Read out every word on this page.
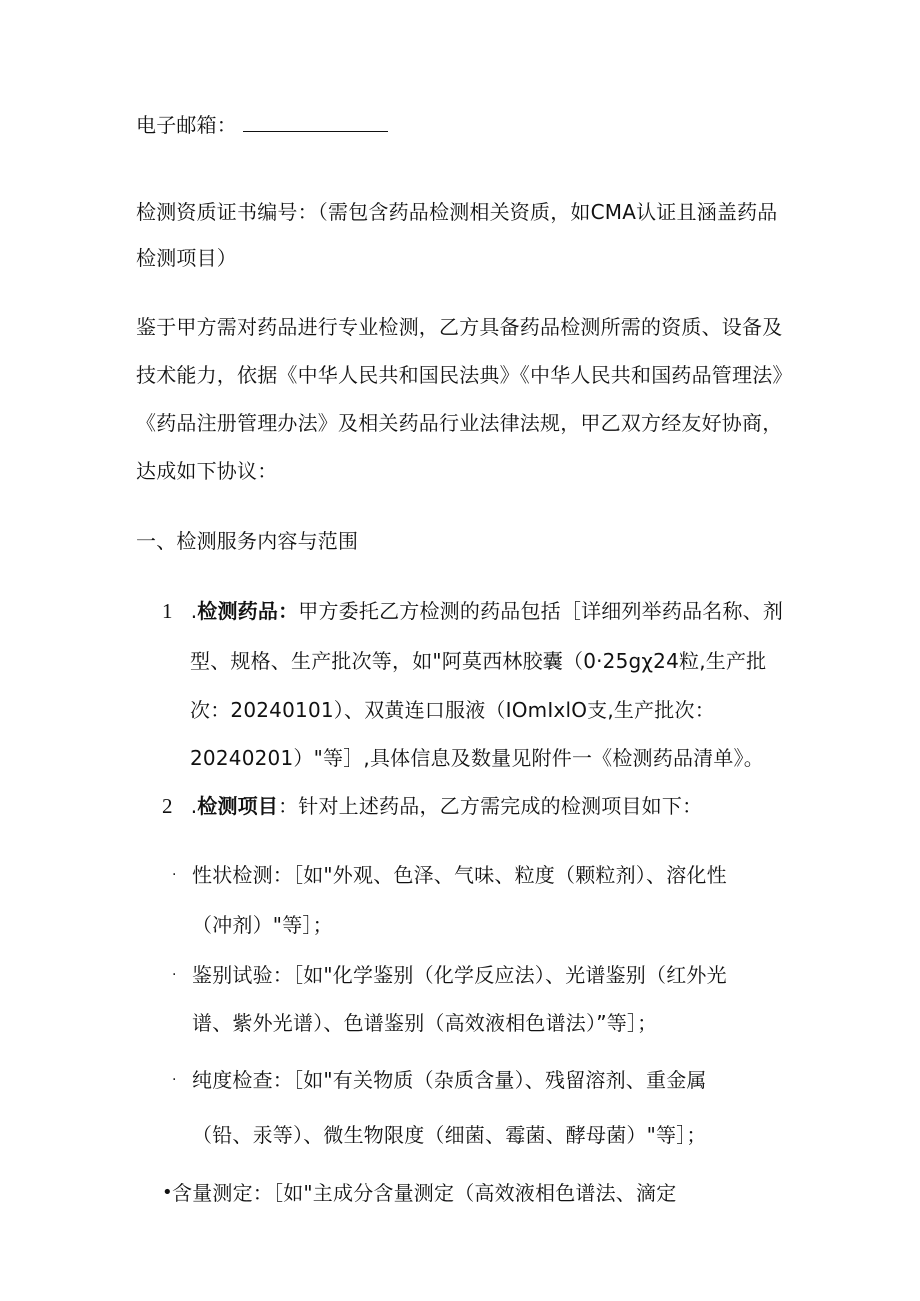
电子邮箱：
检测资质证书编号：（需包含药品检测相关资质，如CMA认证且涵盖药品
检测项目）
鉴于甲方需对药品进行专业检测，乙方具备药品检测所需的资质、设备及
技术能力，依据《中华人民共和国民法典》《中华人民共和国药品管理法》
《药品注册管理办法》及相关药品行业法律法规，甲乙双方经友好协商，
达成如下协议：
一、检测服务内容与范围
1 .检测药品：甲方委托乙方检测的药品包括［详细列举药品名称、剂
型、规格、生产批次等，如"阿莫西林胶囊（0·25gχ24粒,生产批
次：20240101）、双黄连口服液（IOmIxlO支,生产批次：
20240201）"等］,具体信息及数量见附件一《检测药品清单》。
2 .检测项目：针对上述药品，乙方需完成的检测项目如下：
· 性状检测：［如"外观、色泽、气味、粒度（颗粒剂）、溶化性
（冲剂）"等］；
· 鉴别试验：［如"化学鉴别（化学反应法）、光谱鉴别（红外光
谱、紫外光谱）、色谱鉴别（高效液相色谱法）”等］；
· 纯度检查：［如"有关物质（杂质含量）、残留溶剂、重金属
（铅、汞等）、微生物限度（细菌、霉菌、酵母菌）"等］；
• 含量测定：［如"主成分含量测定（高效液相色谱法、滴定
